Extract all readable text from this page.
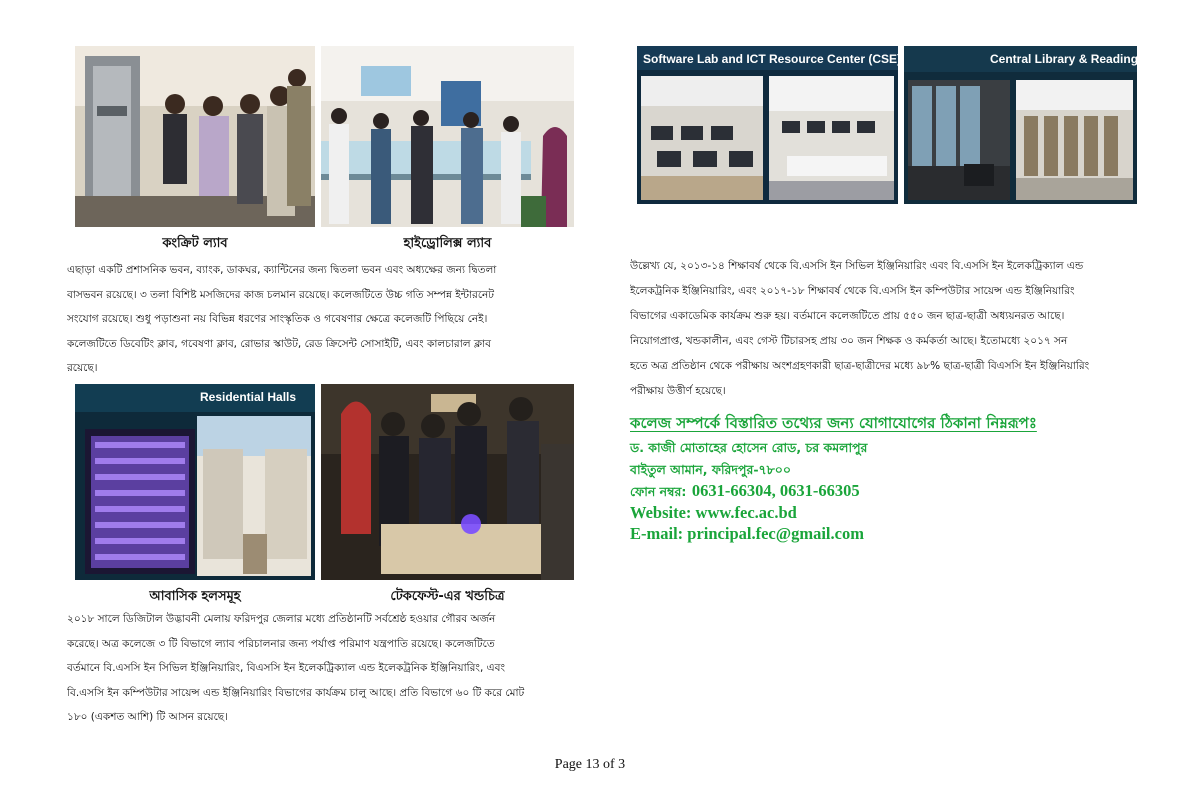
কংক্রিট ল্যাব	হাইড্রোলিক্স ল্যাব
এছাড়া একটি প্রশাসনিক ভবন, ব্যাংক, ডাকঘর, ক্যান্টিনের জন্য দ্বিতলা ভবন এবং অধ্যক্ষের জন্য দ্বিতলা
বাসভবন রয়েছে। ৩ তলা বিশিষ্ট মসজিদের কাজ চলমান রয়েছে। কলেজটিতে উচ্চ গতি সম্পন্ন ইন্টারনেট
সংযোগ রয়েছে। শুধু পড়াশুনা নয় বিভিন্ন ধরণের সাংস্কৃতিক ও গবেষণার ক্ষেত্রে কলেজটি পিছিয়ে নেই।
কলেজটিতে ডিবেটিং ক্লাব, গবেষণা ক্লাব, রোভার স্কাউট, রেড ক্রিসেন্ট সোসাইটি, এবং কালচারাল ক্লাব
রয়েছে।
Residential Halls
আবাসিক হলসমূহ	টেকফেস্ট-এর খন্ডচিত্র
২০১৮ সালে ডিজিটাল উদ্ভাবনী মেলায় ফরিদপুর জেলার মধ্যে প্রতিষ্ঠানটি সর্বশ্রেষ্ঠ হওয়ার গৌরব অর্জন
করেছে। অত্র কলেজে ৩ টি বিভাগে ল্যাব পরিচালনার জন্য পর্যাপ্ত পরিমাণ যন্ত্রপাতি রয়েছে। কলেজটিতে
বর্তমানে বি.এসসি ইন সিভিল ইঞ্জিনিয়ারিং, বিএসসি ইন ইলেকট্রিক্যাল এন্ড ইলেকট্রনিক ইঞ্জিনিয়ারিং, এবং
বি.এসসি ইন কম্পিউটার সায়েন্স এন্ড ইঞ্জিনিয়ারিং বিভাগের কার্যক্রম চালু আছে। প্রতি বিভাগে ৬০ টি করে মোট
১৮০ (একশত আশি) টি আসন রয়েছে।
Software Lab and ICT Resource Center (CSE)	Central Library & Reading Room
উল্লেখ্য যে, ২০১৩-১৪ শিক্ষাবর্ষ থেকে বি.এসসি ইন সিভিল ইঞ্জিনিয়ারিং এবং বি.এসসি ইন ইলেকট্রিক্যাল এন্ড
ইলেকট্রনিক ইঞ্জিনিয়ারিং, এবং ২০১৭-১৮ শিক্ষাবর্ষ থেকে বি.এসসি ইন কম্পিউটার সায়েন্স এন্ড ইঞ্জিনিয়ারিং
বিভাগের একাডেমিক কার্যক্রম শুরু হয়। বর্তমানে কলেজটিতে প্রায় ৫৫০ জন ছাত্র-ছাত্রী অধ্যয়নরত আছে।
নিয়োগপ্রাপ্ত, খন্ডকালীন, এবং গেস্ট টিচারসহ প্রায় ৩০ জন শিক্ষক ও কর্মকর্তা আছে। ইতোমধ্যে ২০১৭ সন
হতে অত্র প্রতিষ্ঠান থেকে পরীক্ষায় অংশগ্রহণকারী ছাত্র-ছাত্রীদের মধ্যে ৯৮% ছাত্র-ছাত্রী বিএসসি ইন ইঞ্জিনিয়ারিং
পরীক্ষায় উত্তীর্ণ হয়েছে।
কলেজ সম্পর্কে বিস্তারিত তথ্যের জন্য যোগাযোগের ঠিকানা নিম্নরূপঃ
ড. কাজী মোতাহের হোসেন রোড, চর কমলাপুর
বাইতুল আমান, ফরিদপুর-৭৮০০
ফোন নম্বর: 0631-66304, 0631-66305
Website: www.fec.ac.bd
E-mail: principal.fec@gmail.com
Page 13 of 3
